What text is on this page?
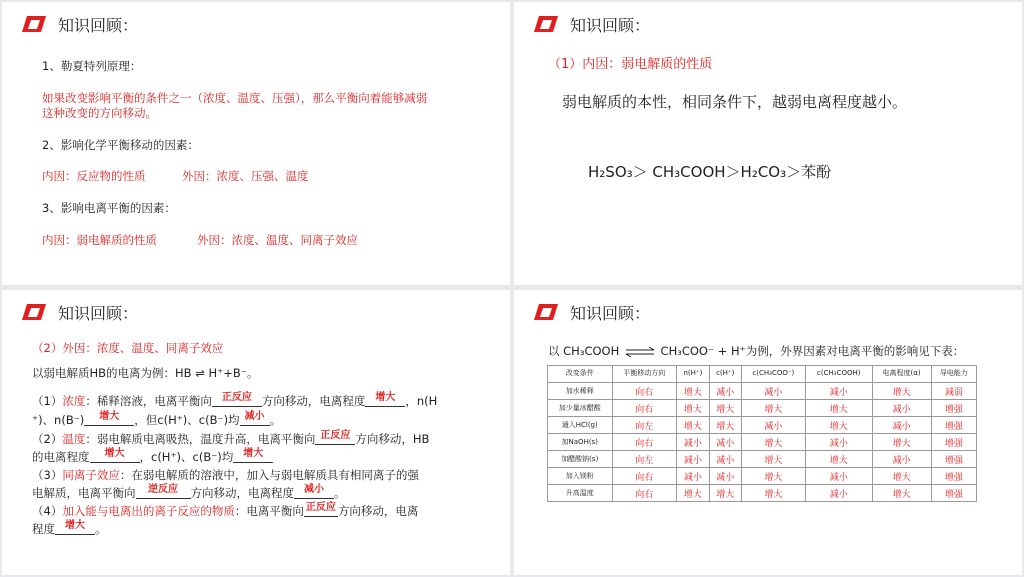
知识回顾：
1、勒夏特列原理：
如果改变影响平衡的条件之一（浓度、温度、压强），那么平衡向着能够减弱
这种改变的方向移动。
2、影响化学平衡移动的因素：
内因：反应物的性质	外因：浓度、压强、温度
3、影响电离平衡的因素：
内因：弱电解质的性质	外因：浓度、温度、同离子效应
知识回顾：
（1）内因：弱电解质的性质
弱电解质的本性，相同条件下，越弱电离程度越小。
H₂SO₃＞ CH₃COOH＞H₂CO₃＞苯酚
知识回顾：
（2）外因：浓度、温度、同离子效应
以弱电解质HB的电离为例：HB ⇌ H⁺+B⁻。
（1）浓度：稀释溶液，电离平衡向 正反应 方向移动，电离程度 增大 ，n(H
⁺)、n(B⁻) 增大 ，但c(H⁺)、c(B⁻)均 减小 。
（2）温度：弱电解质电离吸热，温度升高，电离平衡向 正反应 方向移动，HB
的电离程度 增大 ，c(H⁺)、c(B⁻)均 增大
（3）同离子效应：在弱电解质的溶液中，加入与弱电解质具有相同离子的强
电解质，电离平衡向 逆反应 方向移动，电离程度 减小 。
（4）加入能与电离出的离子反应的物质：电离平衡向 正反应 方向移动，电离
程度 增大 。
知识回顾：
以 CH₃COOH ⇌ CH₃COO⁻ + H⁺为例，外界因素对电离平衡的影响见下表：
改变条件	平衡移动方向	n(H⁺)	c(H⁺)	c(CH₃COO⁻)	c(CH₃COOH)	电离程度(α)	导电能力
加水稀释	向右	增大	减小	减小	减小	增大	减弱
加少量冰醋酸	向右	增大	增大	增大	增大	减小	增强
通入HCl(g)	向左	增大	增大	减小	增大	减小	增强
加NaOH(s)	向右	减小	减小	增大	减小	增大	增强
加醋酸钠(s)	向左	减小	减小	增大	增大	减小	增强
加入镁粉	向右	减小	减小	增大	减小	增大	增强
升高温度	向右	增大	增大	增大	减小	增大	增强
